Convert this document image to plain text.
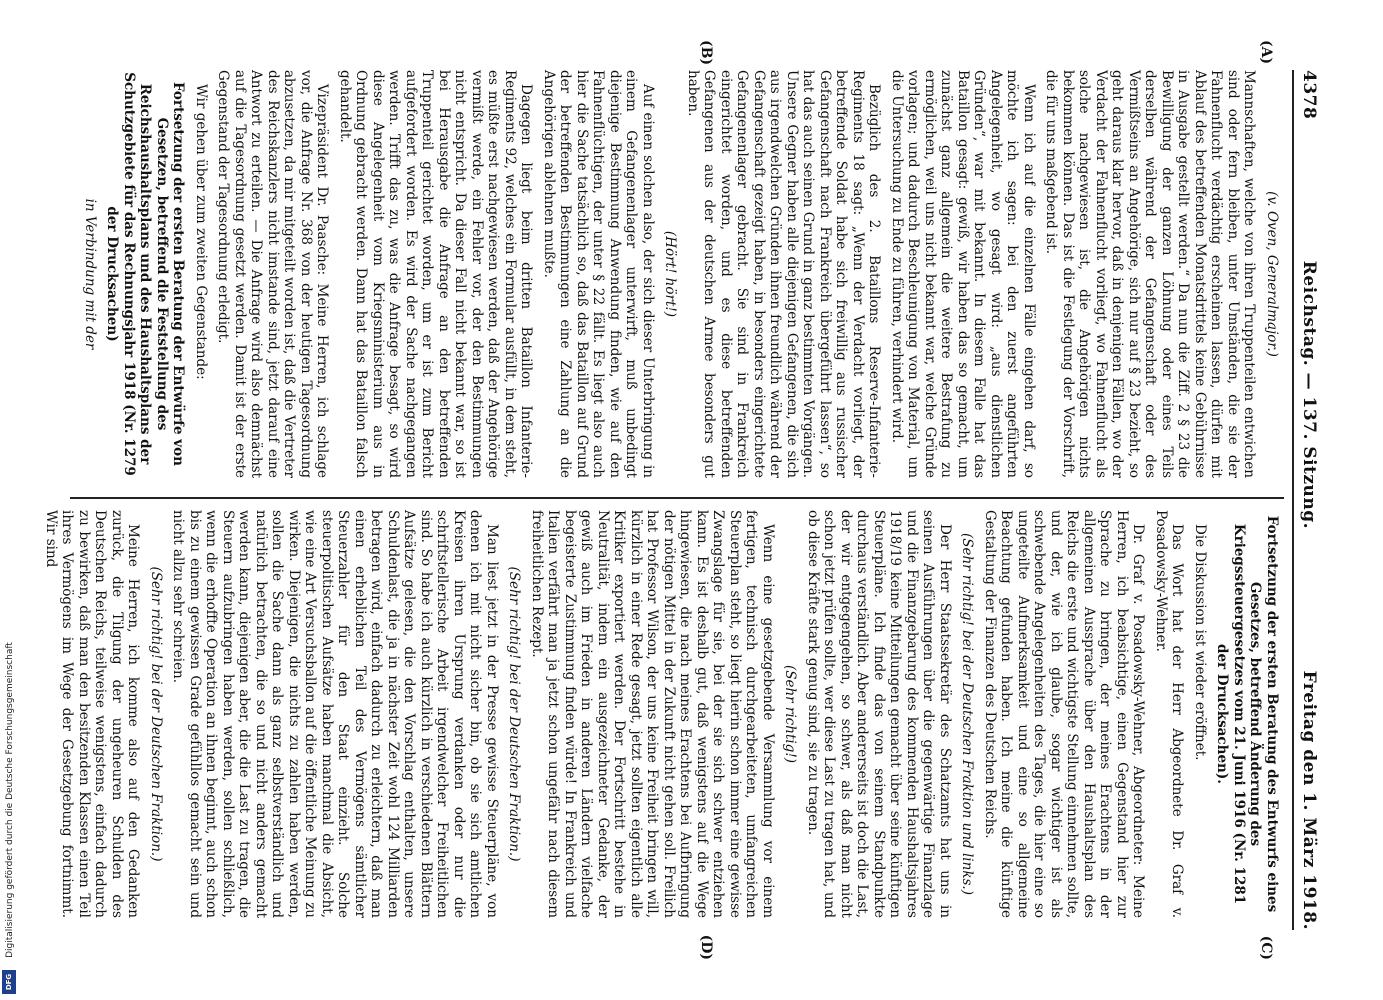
4378
Reichstag. — 137. Sitzung.
Freitag den 1. März 1918.

(v. Oven, Generalmajor.)

Mannschaften, welche von ihren Truppenteilen entwichen sind oder fern bleiben, unter Umständen, die sie der Fahnenflucht verdächtig erscheinen lassen, dürfen mit Ablauf des betreffenden Monatsdrittels keine Gebührnisse in Ausgabe gestellt werden.“ Da nun die Ziff. 2 § 23 die Bewilligung der ganzen Löhnung oder eines Teils derselben während der Gefangenschaft oder des Vermißtseins an Angehörige, sich nur auf § 23 bezieht, so geht daraus klar hervor, daß in denjenigen Fällen, wo der Verdacht der Fahnenflucht vorliegt, wo Fahnenflucht als solche nachgewiesen ist, die Angehörigen nichts bekommen können. Das ist die Festlegung der Vorschrift, die für uns maßgebend ist.

Wenn ich auf die einzelnen Fälle eingehen darf, so möchte ich sagen: bei den zuerst angeführten Angelegenheit, wo gesagt wird: „aus dienstlichen Gründen“, war mit bekannt. In diesem Falle hat das Bataillon gesagt: gewiß, wir haben das so gemacht, um zunächst ganz allgemein die weitere Bestrafung zu ermöglichen, weil uns nicht bekannt war, welche Gründe vorlagen; und dadurch Beschleunigung von Material, um die Untersuchung zu Ende zu führen, verhindert wird.

Bezüglich des 2. Bataillons Reserve-Infanterie-Regiments 18 sagt: „Wenn der Verdacht vorliegt, der betreffende Soldat habe sich freiwillig aus russischer Gefangenschaft nach Frankreich übergeführt lassen“, so hat das auch seinen Grund in ganz bestimmten Vorgängen. Unsere Gegner haben alle diejenigen Gefangenen, die sich aus irgendwelchen Gründen ihnen freundlich während der Gefangenschaft gezeigt haben, in besonders eingerichtete Gefangenenlager gebracht. Sie sind in Frankreich eingerichtet worden, und es diese betreffenden Gefangenen aus der deutschen Armee besonders gut haben.

(Hört! hört!)

Auf einen solchen also, der sich dieser Unterbringung in einem Gefangenenlager unterwirft, muß unbedingt diejenige Bestimmung Anwendung finden, wie auf den Fahnenflüchtigen, der unter § 22 fällt. Es liegt also auch hier die Sache tatsächlich so, daß das Bataillon auf Grund der betreffenden Bestimmungen eine Zahlung an die Angehörigen ablehnen mußte.

Dagegen liegt beim dritten Bataillon Infanterie-Regiments 92, welches ein Formular ausfüllt, in dem steht, es müßte erst nachgewiesen werden, daß der Angehörige vermißt werde, ein Fehler vor, der den Bestimmungen nicht entspricht. Da dieser Fall nicht bekannt war, so ist bei Herausgabe die Anfrage an den betreffenden Truppenteil gerichtet worden, um er ist zum Bericht aufgefordert worden. Es wird der Sache nachgegangen werden. Trifft das zu, was die Anfrage besagt, so wird diese Angelegenheit vom Kriegsministerium aus in Ordnung gebracht werden. Dann hat das Bataillon falsch gehandelt.

Vizepräsident Dr. Paasche: Meine Herren, ich schlage vor, die Anfrage Nr. 368 von der heutigen Tagesordnung abzusetzen, da mir mitgeteilt worden ist, daß die Vertreter des Reichskanzlers nicht imstande sind, jetzt darauf eine Antwort zu erteilen. — Die Anfrage wird also demnächst auf die Tagesordnung gesetzt werden. Damit ist der erste Gegenstand der Tagesordnung erledigt.

Wir gehen über zum zweiten Gegenstande:

Fortsetzung der ersten Beratung der Entwürfe von Gesetzen, betreffend die Feststellung des Reichshaushaltsplans und des Haushaltsplans der Schutzgebiete für das Rechnungsjahr 1918 (Nr. 1279 der Drucksachen)

in Verbindung mit der

(A)
(B)

Fortsetzung der ersten Beratung des Entwurfs eines Gesetzes, betreffend Änderung des Kriegssteuergesetzes vom 21. Juni 1916 (Nr. 1281 der Drucksachen).

Die Diskussion ist wieder eröffnet.

Das Wort hat der Herr Abgeordnete Dr. Graf v. Posadowsky-Wehner.

Dr. Graf v. Posadowsky-Wehner, Abgeordneter: Meine Herren, ich beabsichtige, einen Gegenstand hier zur Sprache zu bringen, der meines Erachtens in der allgemeinen Aussprache über den Haushaltsplan des Reichs die erste und wichtigste Stellung einnehmen sollte, und der, wie ich glaube, sogar wichtiger ist als schwebende Angelegenheiten des Tages, die hier eine so ungeteilte Aufmerksamkeit und eine so allgemeine Beachtung gefunden haben. Ich meine die künftige Gestaltung der Finanzen des Deutschen Reichs.

(Sehr richtig! bei der Deutschen Fraktion und links.)

Der Herr Staatssekretär des Schatzamts hat uns in seinen Ausführungen über die gegenwärtige Finanzlage und die Finanzgebarung des kommenden Haushaltsjahres 1918/19 keine Mitteilungen gemacht über seine künftigen Steuerpläne. Ich finde das von seinem Standpunkte durchaus verständlich. Aber andererseits ist doch die Last, der wir entgegengehen, so schwer, als daß man nicht schon jetzt prüfen sollte, wer diese Last zu tragen hat, und ob diese Kräfte stark genug sind, sie zu tragen.

(Sehr richtig!)

Wenn eine gesetzgebende Versammlung vor einem fertigen, technisch durchgearbeiteten, umfangreichen Steuerplan steht, so liegt hierin schon immer eine gewisse Zwangslage für sie, bei der sie sich schwer entziehen kann. Es ist deshalb gut, daß wenigstens auf die Wege hingewiesen, die nach meines Erachtens bei Aufbringung der nötigen Mittel in der Zukunft nicht gehen soll. Freilich hat Professor Wilson, der uns keine Freiheit bringen will, kürzlich in einer Rede gesagt, jetzt sollten eigentlich alle Kritiker exportiert werden. Der Fortschritt bestehe in Neutralität, indem ein ausgezeichneter Gedanke, der gewiß auch im Frieden in anderen Ländern vielfache begeisterte Zustimmung finden würde! In Frankreich und Italien verfährt man ja jetzt schon ungefähr nach diesem freiheitlichen Rezept.

(Sehr richtig! bei der Deutschen Fraktion.)

Man liest jetzt in der Presse gewisse Steuerpläne, von denen ich mit nicht sicher bin, ob sie sich amtlichen Kreisen ihren Ursprung verdanken oder nur die schriftstellerische Arbeit irgendwelcher Freiheitlichen sind. So habe ich auch kürzlich in verschiedenen Blättern Aufsätze gelesen, die den Vorschlag enthalten, unsere Schuldenlast, die ja in nächster Zeit wohl 124 Milliarden betragen wird, einfach dadurch zu erleichtern, daß man einen erheblichen Teil des Vermögens sämtlicher Steuerzahler für den Staat einzieht. Solche steuerpolitischen Aufsätze haben manchmal die Absicht, wie eine Art Versuchsballon auf die öffentliche Meinung zu wirken. Diejenigen, die nichts zu zahlen haben werden, sollen die Sache dann als ganz selbstverständlich und natürlich betrachten, die so und nicht anders gemacht werden kann, diejenigen aber, die die Last zu tragen, die Steuern aufzubringen haben werden, sollen schließlich, wenn die erhoffte Operation an ihnen beginnt, auch schon bis zu einem gewissen Grade gefühllos gemacht sein und nicht allzu sehr schreien.

(Sehr richtig! bei der Deutschen Fraktion.)

Meine Herren, ich komme also auf den Gedanken zurück, die Tilgung der ungeheuren Schulden des Deutschen Reichs, teilweise wenigstens, einfach dadurch zu bewirken, daß man den besitzenden Klassen einen Teil ihres Vermögens im Wege der Gesetzgebung fortnimmt. Wir sind

(C)
(D)
Digitalisierung gefördert durch die Deutsche Forschungsgemeinschaft
DFG
